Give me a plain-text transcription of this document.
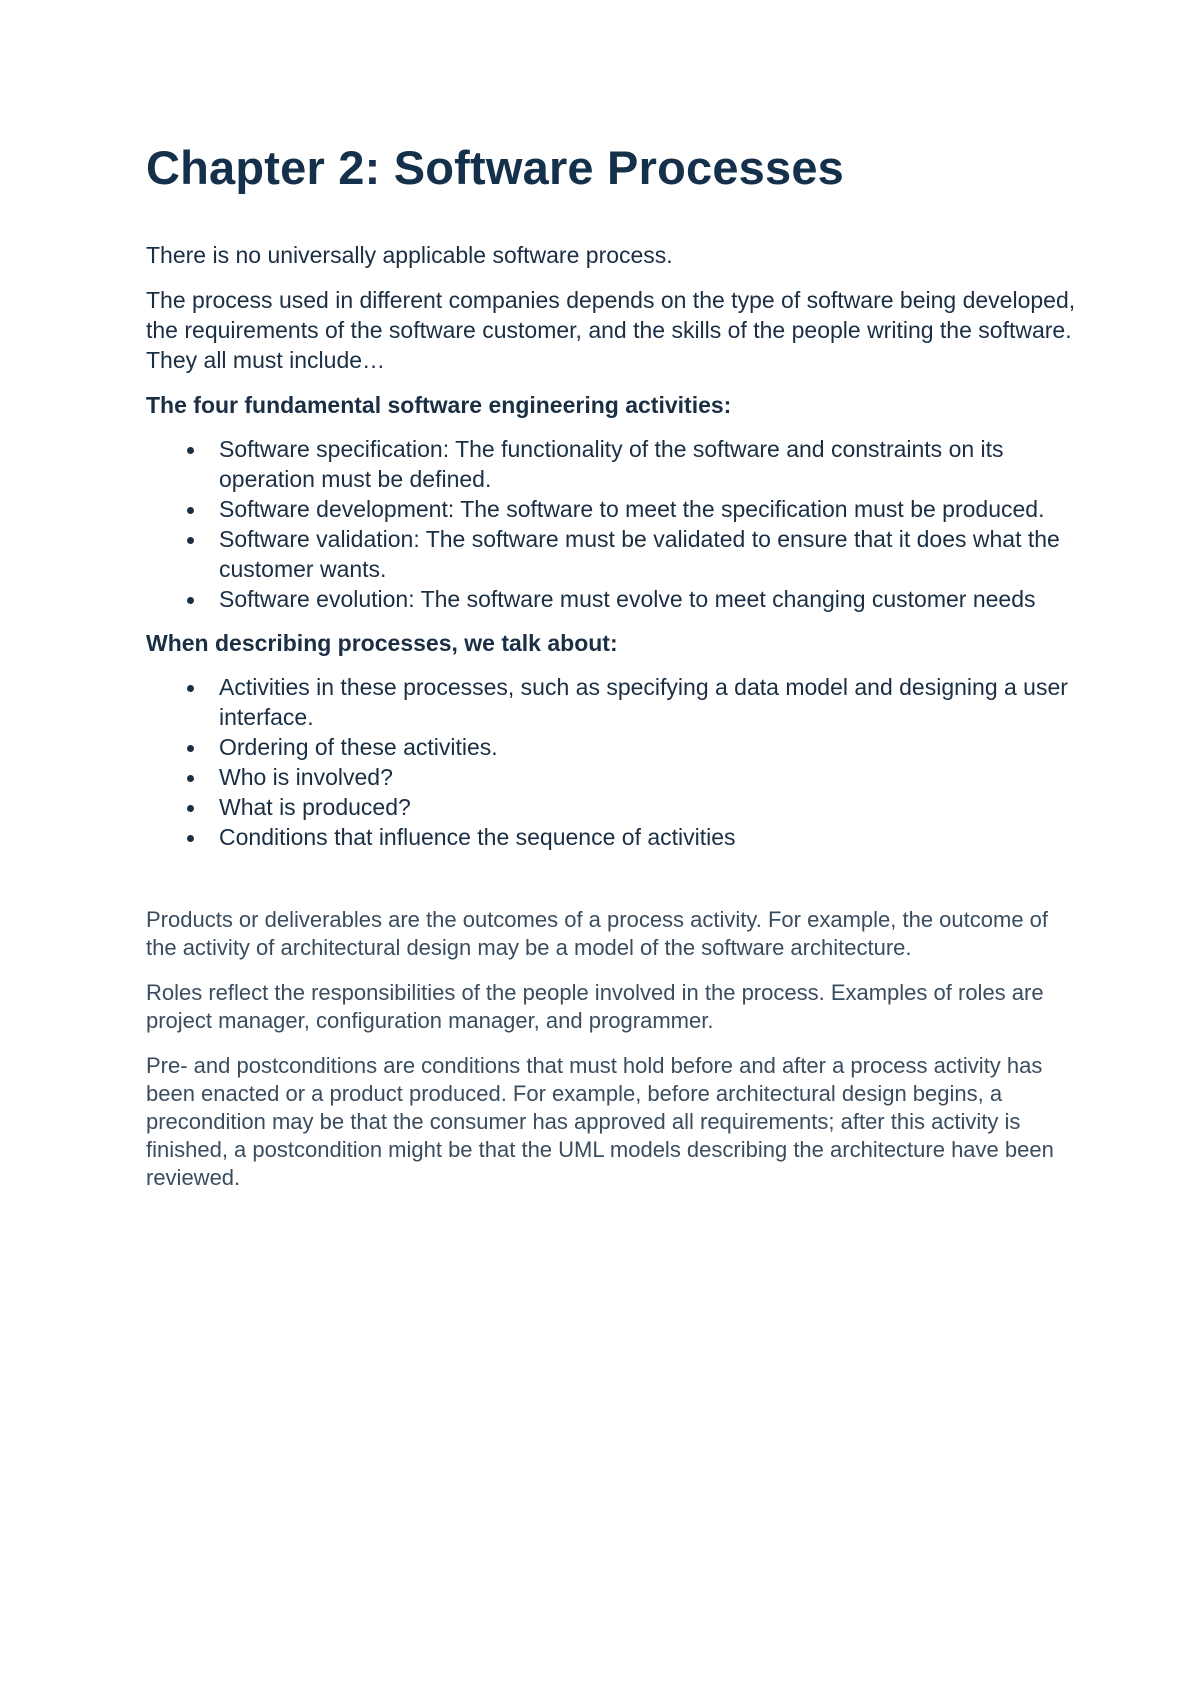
Chapter 2: Software Processes

There is no universally applicable software process.

The process used in different companies depends on the type of software being developed, the requirements of the software customer, and the skills of the people writing the software. They all must include…

The four fundamental software engineering activities:

Software specification: The functionality of the software and constraints on its operation must be defined.
Software development: The software to meet the specification must be produced.
Software validation: The software must be validated to ensure that it does what the customer wants.
Software evolution: The software must evolve to meet changing customer needs

When describing processes, we talk about:

Activities in these processes, such as specifying a data model and designing a user interface.
Ordering of these activities.
Who is involved?
What is produced?
Conditions that influence the sequence of activities

Products or deliverables are the outcomes of a process activity. For example, the outcome of the activity of architectural design may be a model of the software architecture.

Roles reflect the responsibilities of the people involved in the process. Examples of roles are project manager, configuration manager, and programmer.

Pre- and postconditions are conditions that must hold before and after a process activity has been enacted or a product produced. For example, before architectural design begins, a precondition may be that the consumer has approved all requirements; after this activity is finished, a postcondition might be that the UML models describing the architecture have been reviewed.
